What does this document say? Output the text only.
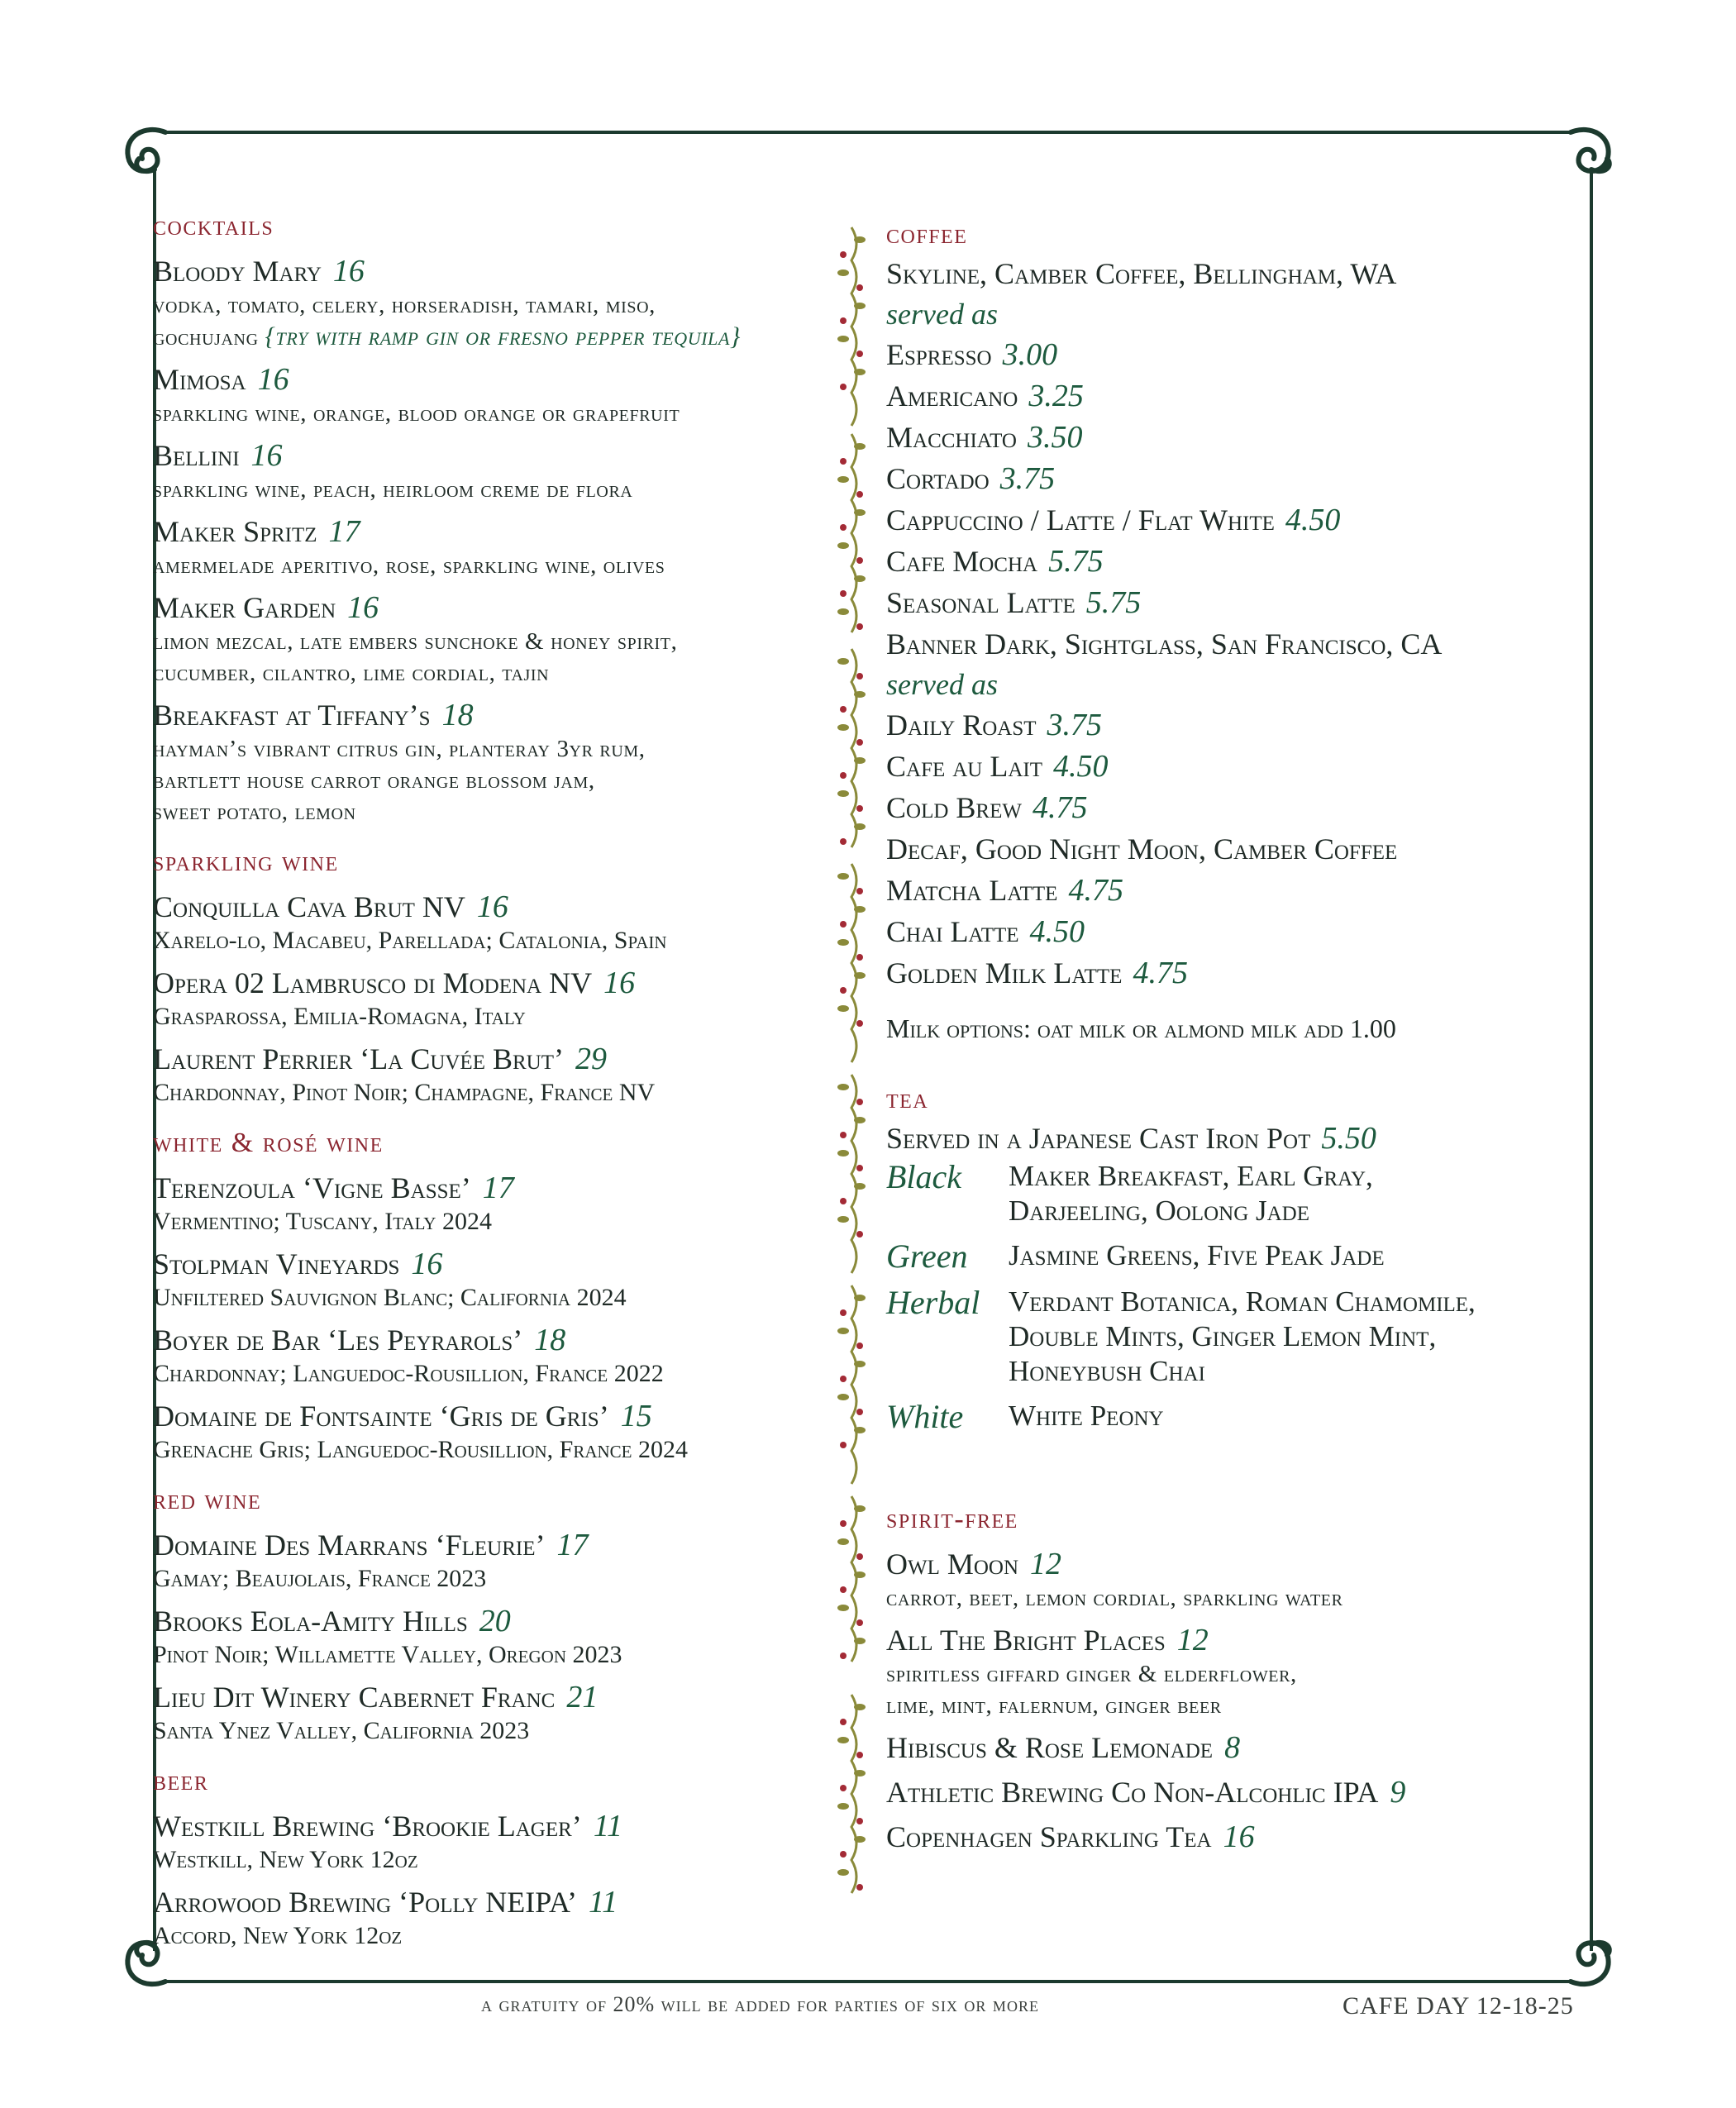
cocktails
Bloody Mary 16
vodka, tomato, celery, horseradish, tamari, miso,
gochujang {try with ramp gin or fresno pepper tequila}
Mimosa 16
sparkling wine, orange, blood orange or grapefruit
Bellini 16
sparkling wine, peach, heirloom creme de flora
Maker Spritz 17
amermelade aperitivo, rose, sparkling wine, olives
Maker Garden 16
limon mezcal, late embers sunchoke & honey spirit,
cucumber, cilantro, lime cordial, tajin
Breakfast at Tiffany’s 18
hayman’s vibrant citrus gin, planteray 3yr rum,
bartlett house carrot orange blossom jam,
sweet potato, lemon
sparkling wine
Conquilla Cava Brut NV 16
Xarelo-lo, Macabeu, Parellada; Catalonia, Spain
Opera 02 Lambrusco di Modena NV 16
Grasparossa, Emilia-Romagna, Italy
Laurent Perrier ‘La Cuvée Brut’ 29
Chardonnay, Pinot Noir; Champagne, France NV
white & rosé wine
Terenzoula ‘Vigne Basse’ 17
Vermentino; Tuscany, Italy 2024
Stolpman Vineyards 16
Unfiltered Sauvignon Blanc; California 2024
Boyer de Bar ‘Les Peyrarols’ 18
Chardonnay; Languedoc-Rousillion, France 2022
Domaine de Fontsainte ‘Gris de Gris’ 15
Grenache Gris; Languedoc-Rousillion, France 2024
red wine
Domaine Des Marrans ‘Fleurie’ 17
Gamay; Beaujolais, France 2023
Brooks Eola-Amity Hills 20
Pinot Noir; Willamette Valley, Oregon 2023
Lieu Dit Winery Cabernet Franc 21
Santa Ynez Valley, California 2023
beer
Westkill Brewing ‘Brookie Lager’ 11
Westkill, New York 12oz
Arrowood Brewing ‘Polly NEIPA’ 11
Accord, New York 12oz
coffee
Skyline, Camber Coffee, Bellingham, WA
served as
Espresso 3.00
Americano 3.25
Macchiato 3.50
Cortado 3.75
Cappuccino / Latte / Flat White 4.50
Cafe Mocha 5.75
Seasonal Latte 5.75
Banner Dark, Sightglass, San Francisco, CA
served as
Daily Roast 3.75
Cafe au Lait 4.50
Cold Brew 4.75
Decaf, Good Night Moon, Camber Coffee
Matcha Latte 4.75
Chai Latte 4.50
Golden Milk Latte 4.75
Milk options: oat milk or almond milk add 1.00
tea
Served in a Japanese Cast Iron Pot 5.50
Black	Maker Breakfast, Earl Gray,
Darjeeling, Oolong Jade
Green	Jasmine Greens, Five Peak Jade
Herbal Verdant Botanica, Roman Chamomile,
Double Mints, Ginger Lemon Mint,
Honeybush Chai
White	White Peony
spirit-free
Owl Moon 12
carrot, beet, lemon cordial, sparkling water
All The Bright Places 12
spiritless giffard ginger & elderflower,
lime, mint, falernum, ginger beer
Hibiscus & Rose Lemonade 8
Athletic Brewing Co Non-Alcohlic IPA 9
Copenhagen Sparkling Tea 16
a gratuity of 20% will be added for parties of six or more	CAFE DAY 12-18-25
